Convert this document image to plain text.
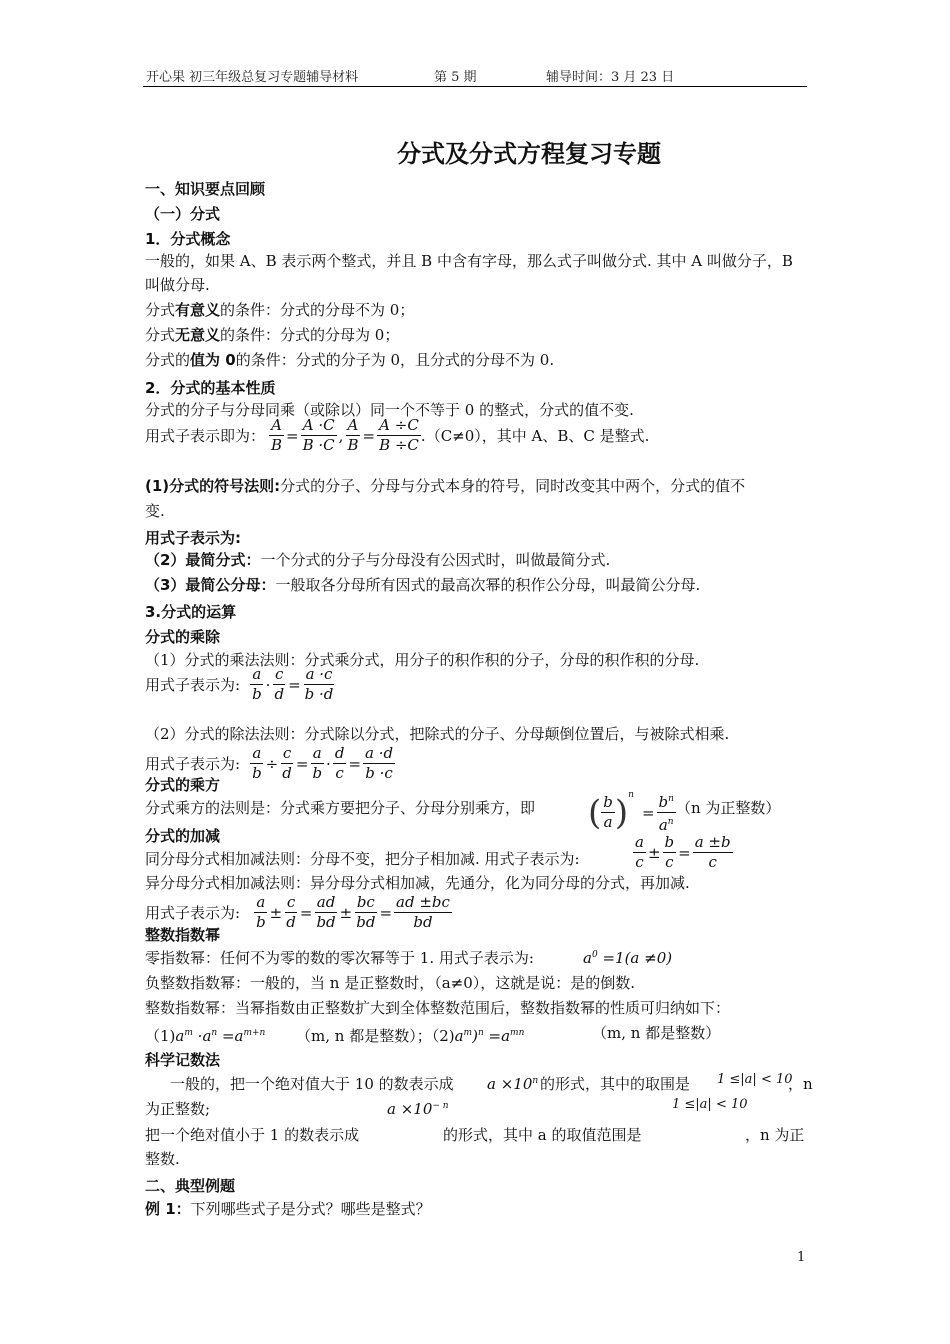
开心果 初三年级总复习专题辅导材料	第 5 期	辅导时间：3 月 23 日
分式及分式方程复习专题
一、知识要点回顾
（一）分式
1．分式概念
一般的，如果 A、B 表示两个整式，并且 B 中含有字母，那么式子叫做分式. 其中 A 叫做分子，B
叫做分母.
分式有意义的条件：分式的分母不为 0；
分式无意义的条件：分式的分母为 0；
分式的值为 0的条件：分式的分子为 0，且分式的分母不为 0.
2．分式的基本性质
分式的分子与分母同乘（或除以）同一个不等于 0 的整式，分式的值不变.
用式子表示即为： $\frac{A}{B} = \frac{A \cdot C}{B \cdot C}$ , $\frac{A}{B} = \frac{A \div C}{B \div C}$ . （C≠0），其中 A、B、C 是整式.
(1)分式的符号法则:分式的分子、分母与分式本身的符号，同时改变其中两个，分式的值不
变.
用式子表示为:
（2）最简分式：一个分式的分子与分母没有公因式时，叫做最简分式.
（3）最简公分母：一般取各分母所有因式的最高次幂的积作公分母，叫最简公分母.
3.分式的运算
分式的乘除
（1）分式的乘法法则：分式乘分式，用分子的积作积的分子，分母的积作积的分母.
用式子表示为: $\frac{a}{b} \cdot \frac{c}{d} = \frac{a \cdot c}{b \cdot d}$
（2）分式的除法法则：分式除以分式，把除式的分子、分母颠倒位置后，与被除式相乘.
用式子表示为: $\frac{a}{b} \div \frac{c}{d} = \frac{a}{b} \cdot \frac{d}{c} = \frac{a \cdot d}{b \cdot c}$
分式的乘方
分式乘方的法则是：分式乘方要把分子、分母分别乘方，即 ( $\frac{b}{a}$ ) n
= $\frac{b^n}{a^n} (n$ 为正整数）
分式的加减
同分母分式相加减法则：分母不变，把分子相加减. 用式子表示为:	$\frac{a}{c} \pm \frac{b}{c} = \frac{a \pm b}{c}$
异分母分式相加减法则：异分母分式相加减，先通分，化为同分母的分式，再加减.
用式子表示为: $\frac{a}{b} \pm \frac{c}{d} = \frac{ad}{bd} \pm \frac{bc}{bd} = \frac{ad \pm bc}{bd}$
整数指数幂
零指数幂：任何不为零的数的零次幂等于 1. 用式子表示为:	$a^0 =1(a \ne 0)$
负整数指数幂：一般的，当 n 是正整数时，（a≠0），这就是说：是的倒数.
整数指数幂：当幂指数由正整数扩大到全体整数范围后，整数指数幂的性质可归纳如下：
$(1)a^m \cdot a^n =a^{m+n}$ （m, n 都是整数）；$(2)a^m)^n =a^{mn}$	（m, n 都是整数）
科学记数法
一般的，把一个绝对值大于 10 的数表示成 $a \times 10^n$ 的形式，其中的取围是 1 ≤|a| < 10
，n
为正整数;	$a \times 10^{- n}$	1 ≤|a| < 10
把一个绝对值小于 1 的数表示成	的形式，其中 a 的取值范围是	，n 为正
整数.
二、典型例题
例 1：下列哪些式子是分式？哪些是整式？
1
